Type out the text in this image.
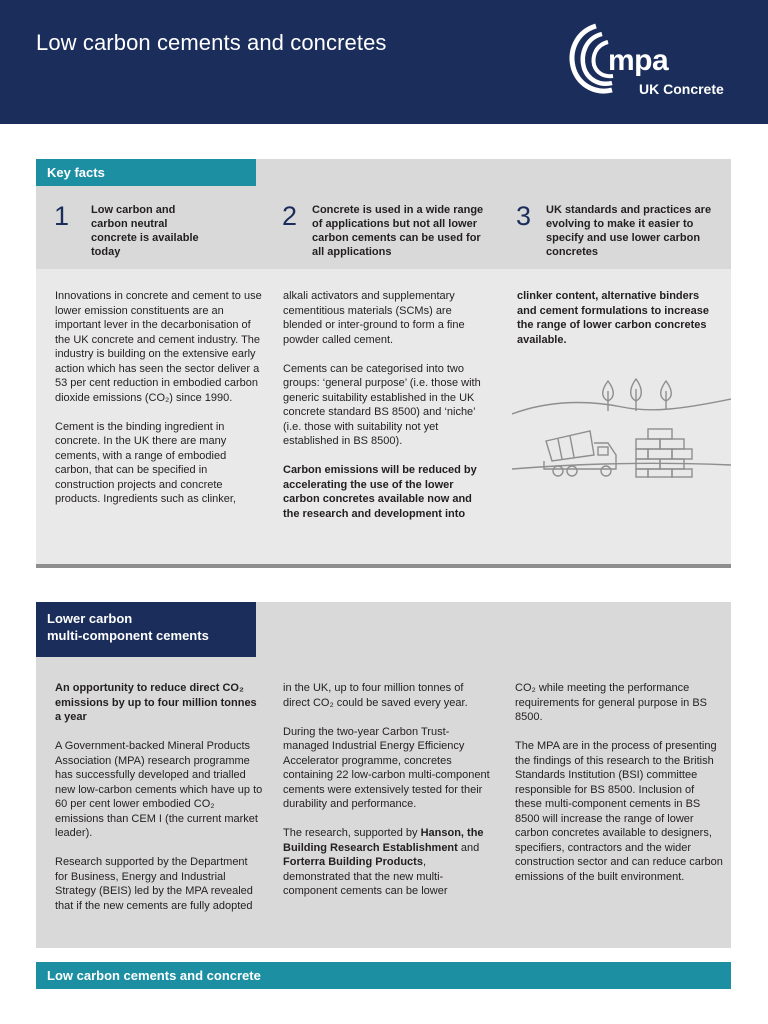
Low carbon cements and concretes
mpa
UK Concrete
Key facts
1 Low carbon and carbon neutral concrete is available today
2 Concrete is used in a wide range of applications but not all lower carbon cements can be used for all applications
3 UK standards and practices are evolving to make it easier to specify and use lower carbon concretes

Innovations in concrete and cement to use lower emission constituents are an important lever in the decarbonisation of the UK concrete and cement industry. The industry is building on the extensive early action which has seen the sector deliver a 53 per cent reduction in embodied carbon dioxide emissions (CO₂) since 1990.

Cement is the binding ingredient in concrete. In the UK there are many cements, with a range of embodied carbon, that can be specified in construction projects and concrete products. Ingredients such as clinker,

alkali activators and supplementary cementitious materials (SCMs) are blended or inter-ground to form a fine powder called cement.

Cements can be categorised into two groups: ‘general purpose’ (i.e. those with generic suitability established in the UK concrete standard BS 8500) and ‘niche’ (i.e. those with suitability not yet established in BS 8500).

Carbon emissions will be reduced by accelerating the use of the lower carbon concretes available now and the research and development into

clinker content, alternative binders and cement formulations to increase the range of lower carbon concretes available.

Lower carbon
multi-component cements

An opportunity to reduce direct CO₂ emissions by up to four million tonnes a year

A Government-backed Mineral Products Association (MPA) research programme has successfully developed and trialled new low-carbon cements which have up to 60 per cent lower embodied CO₂ emissions than CEM I (the current market leader).

Research supported by the Department for Business, Energy and Industrial Strategy (BEIS) led by the MPA revealed that if the new cements are fully adopted

in the UK, up to four million tonnes of direct CO₂ could be saved every year.

During the two-year Carbon Trust-managed Industrial Energy Efficiency Accelerator programme, concretes containing 22 low-carbon multi-component cements were extensively tested for their durability and performance.

The research, supported by Hanson, the Building Research Establishment and Forterra Building Products, demonstrated that the new multi-component cements can be lower

CO₂ while meeting the performance requirements for general purpose in BS 8500.

The MPA are in the process of presenting the findings of this research to the British Standards Institution (BSI) committee responsible for BS 8500. Inclusion of these multi-component cements in BS 8500 will increase the range of lower carbon concretes available to designers, specifiers, contractors and the wider construction sector and can reduce carbon emissions of the built environment.

Low carbon cements and concrete
